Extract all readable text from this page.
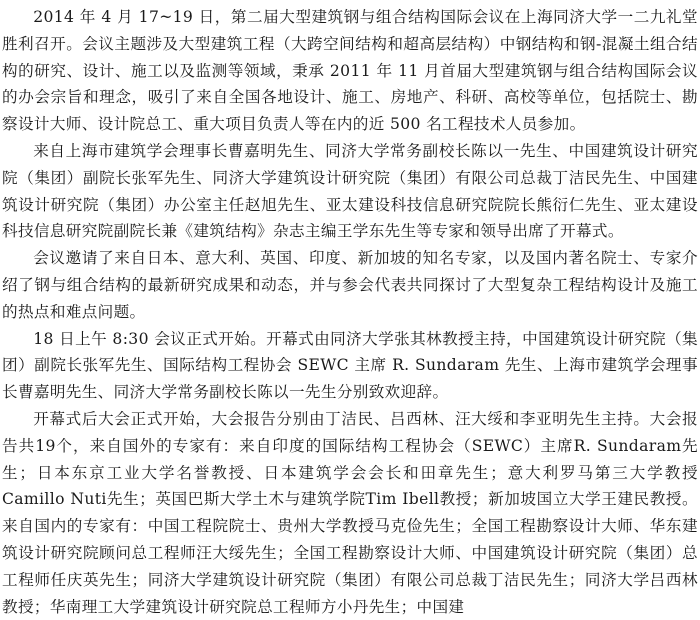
2014 年 4 月 17~19 日，第二届大型建筑钢与组合结构国际会议在上海同济大学一二九礼堂胜利召开。会议主题涉及大型建筑工程（大跨空间结构和超高层结构）中钢结构和钢-混凝土组合结构的研究、设计、施工以及监测等领域，秉承 2011 年 11 月首届大型建筑钢与组合结构国际会议的办会宗旨和理念，吸引了来自全国各地设计、施工、房地产、科研、高校等单位，包括院士、勘察设计大师、设计院总工、重大项目负责人等在内的近 500 名工程技术人员参加。

来自上海市建筑学会理事长曹嘉明先生、同济大学常务副校长陈以一先生、中国建筑设计研究院（集团）副院长张军先生、同济大学建筑设计研究院（集团）有限公司总裁丁洁民先生、中国建筑设计研究院（集团）办公室主任赵旭先生、亚太建设科技信息研究院院长熊衍仁先生、亚太建设科技信息研究院副院长兼《建筑结构》杂志主编王学东先生等专家和领导出席了开幕式。

会议邀请了来自日本、意大利、英国、印度、新加坡的知名专家，以及国内著名院士、专家介绍了钢与组合结构的最新研究成果和动态，并与参会代表共同探讨了大型复杂工程结构设计及施工的热点和难点问题。

18 日上午 8:30 会议正式开始。开幕式由同济大学张其林教授主持，中国建筑设计研究院（集团）副院长张军先生、国际结构工程协会 SEWC 主席 R. Sundaram 先生、上海市建筑学会理事长曹嘉明先生、同济大学常务副校长陈以一先生分别致欢迎辞。

开幕式后大会正式开始，大会报告分别由丁洁民、吕西林、汪大绥和李亚明先生主持。大会报告共19个，来自国外的专家有：来自印度的国际结构工程协会（SEWC）主席R. Sundaram先生；日本东京工业大学名誉教授、日本建筑学会会长和田章先生；意大利罗马第三大学教授Camillo Nuti先生；英国巴斯大学土木与建筑学院Tim Ibell教授；新加坡国立大学王建民教授。来自国内的专家有：中国工程院院士、贵州大学教授马克俭先生；全国工程勘察设计大师、华东建筑设计研究院顾问总工程师汪大绥先生；全国工程勘察设计大师、中国建筑设计研究院（集团）总工程师任庆英先生；同济大学建筑设计研究院（集团）有限公司总裁丁洁民先生；同济大学吕西林教授；华南理工大学建筑设计研究院总工程师方小丹先生；中国建
